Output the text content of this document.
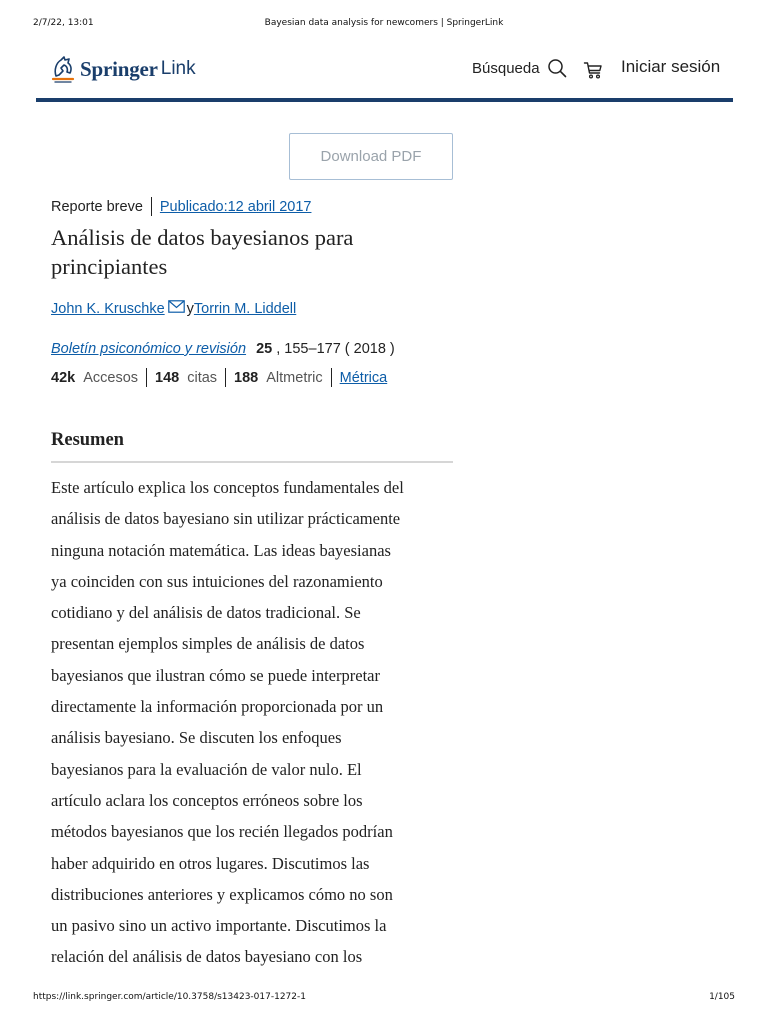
2/7/22, 13:01	Bayesian data analysis for newcomers | SpringerLink
Springer Link	Búsqueda	Iniciar sesión
Download PDF
Reporte breve Publicado:12 abril 2017
Análisis de datos bayesianos para principiantes
John K. Kruschke y Torrin M. Liddell
Boletín psiconómico y revisión 25 , 155–177 ( 2018 )
42k Accesos 148 citas 188 Altmetric Métrica
Resumen
Este artículo explica los conceptos fundamentales del
análisis de datos bayesiano sin utilizar prácticamente
ninguna notación matemática. Las ideas bayesianas
ya coinciden con sus intuiciones del razonamiento
cotidiano y del análisis de datos tradicional. Se
presentan ejemplos simples de análisis de datos
bayesianos que ilustran cómo se puede interpretar
directamente la información proporcionada por un
análisis bayesiano. Se discuten los enfoques
bayesianos para la evaluación de valor nulo. El
artículo aclara los conceptos erróneos sobre los
métodos bayesianos que los recién llegados podrían
haber adquirido en otros lugares. Discutimos las
distribuciones anteriores y explicamos cómo no son
un pasivo sino un activo importante. Discutimos la
relación del análisis de datos bayesiano con los
https://link.springer.com/article/10.3758/s13423-017-1272-1	1/105
